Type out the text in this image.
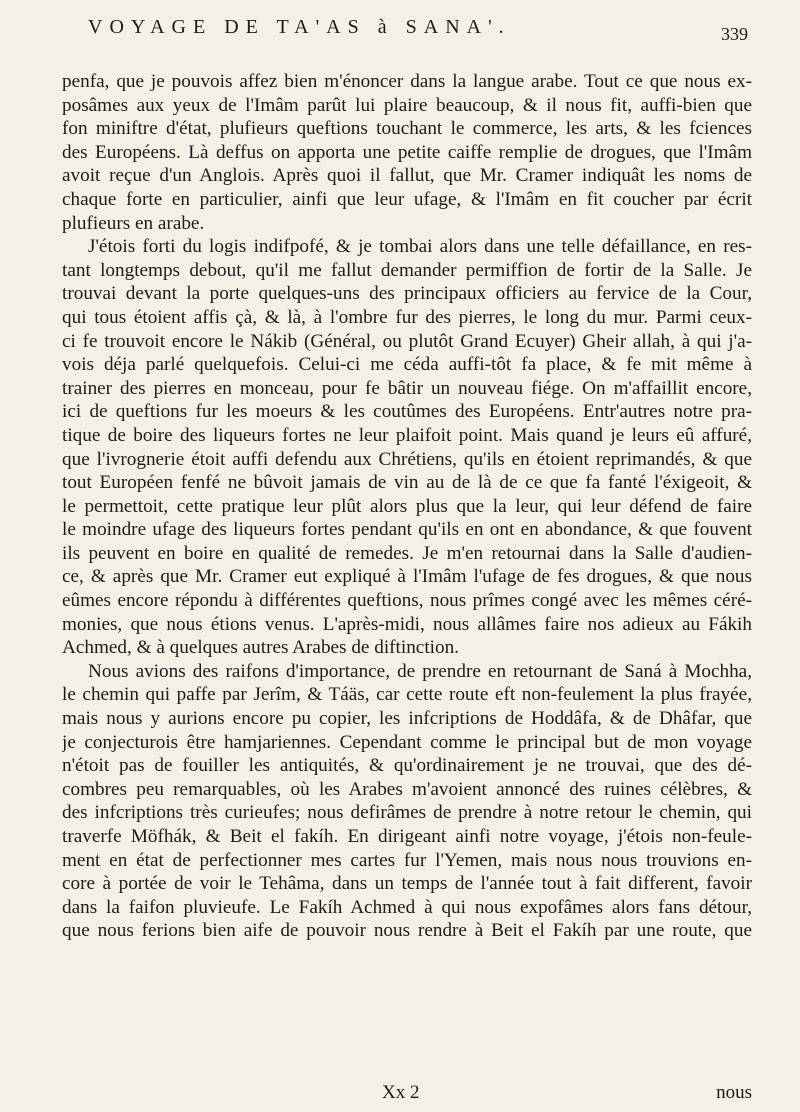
VOYAGE DE TA'AS à SANA'.	339
penfa, que je pouvois affez bien m'énoncer dans la langue arabe. Tout ce que nous ex-
posâmes aux yeux de l'Imâm parût lui plaire beaucoup, & il nous fit, auffi-bien que
fon miniftre d'état, plufieurs queftions touchant le commerce, les arts, & les fciences
des Européens. Là deffus on apporta une petite caiffe remplie de drogues, que l'Imâm
avoit reçue d'un Anglois. Après quoi il fallut, que Mr. Cramer indiquât les noms de
chaque forte en particulier, ainfi que leur ufage, & l'Imâm en fit coucher par écrit
plufieurs en arabe.
J'étois forti du logis indifpofé, & je tombai alors dans une telle défaillance, en res-
tant longtemps debout, qu'il me fallut demander permiffion de fortir de la Salle. Je
trouvai devant la porte quelques-uns des principaux officiers au fervice de la Cour,
qui tous étoient affis çà, & là, à l'ombre fur des pierres, le long du mur. Parmi ceux-
ci fe trouvoit encore le Nákib (Général, ou plutôt Grand Ecuyer) Gheir allah, à qui j'a-
vois déja parlé quelquefois. Celui-ci me céda auffi-tôt fa place, & fe mit même à
trainer des pierres en monceau, pour fe bâtir un nouveau fiége. On m'affaillit encore,
ici de queftions fur les moeurs & les coutûmes des Européens. Entr'autres notre pra-
tique de boire des liqueurs fortes ne leur plaifoit point. Mais quand je leurs eû affuré,
que l'ivrognerie étoit auffi defendu aux Chrétiens, qu'ils en étoient reprimandés, & que
tout Européen fenfé ne bûvoit jamais de vin au de là de ce que fa fanté l'éxigeoit, &
le permettoit, cette pratique leur plût alors plus que la leur, qui leur défend de faire
le moindre ufage des liqueurs fortes pendant qu'ils en ont en abondance, & que fouvent
ils peuvent en boire en qualité de remedes. Je m'en retournai dans la Salle d'audien-
ce, & après que Mr. Cramer eut expliqué à l'Imâm l'ufage de fes drogues, & que nous
eûmes encore répondu à différentes queftions, nous prîmes congé avec les mêmes céré-
monies, que nous étions venus. L'après-midi, nous allâmes faire nos adieux au Fákih
Achmed, & à quelques autres Arabes de diftinction.
Nous avions des raifons d'importance, de prendre en retournant de Saná à Mochha,
le chemin qui paffe par Jerîm, & Táäs, car cette route eft non-feulement la plus frayée,
mais nous y aurions encore pu copier, les infcriptions de Hoddâfa, & de Dhâfar, que
je conjecturois être hamjariennes. Cependant comme le principal but de mon voyage
n'étoit pas de fouiller les antiquités, & qu'ordinairement je ne trouvai, que des dé-
combres peu remarquables, où les Arabes m'avoient annoncé des ruines célèbres, &
des infcriptions très curieufes; nous defirâmes de prendre à notre retour le chemin, qui
traverfe Möfhák, & Beit el fakíh. En dirigeant ainfi notre voyage, j'étois non-feule-
ment en état de perfectionner mes cartes fur l'Yemen, mais nous nous trouvions en-
core à portée de voir le Tehâma, dans un temps de l'année tout à fait different, favoir
dans la faifon pluvieufe. Le Fakíh Achmed à qui nous expofâmes alors fans détour,
que nous ferions bien aife de pouvoir nous rendre à Beit el Fakíh par une route, que
Xx 2	nous
